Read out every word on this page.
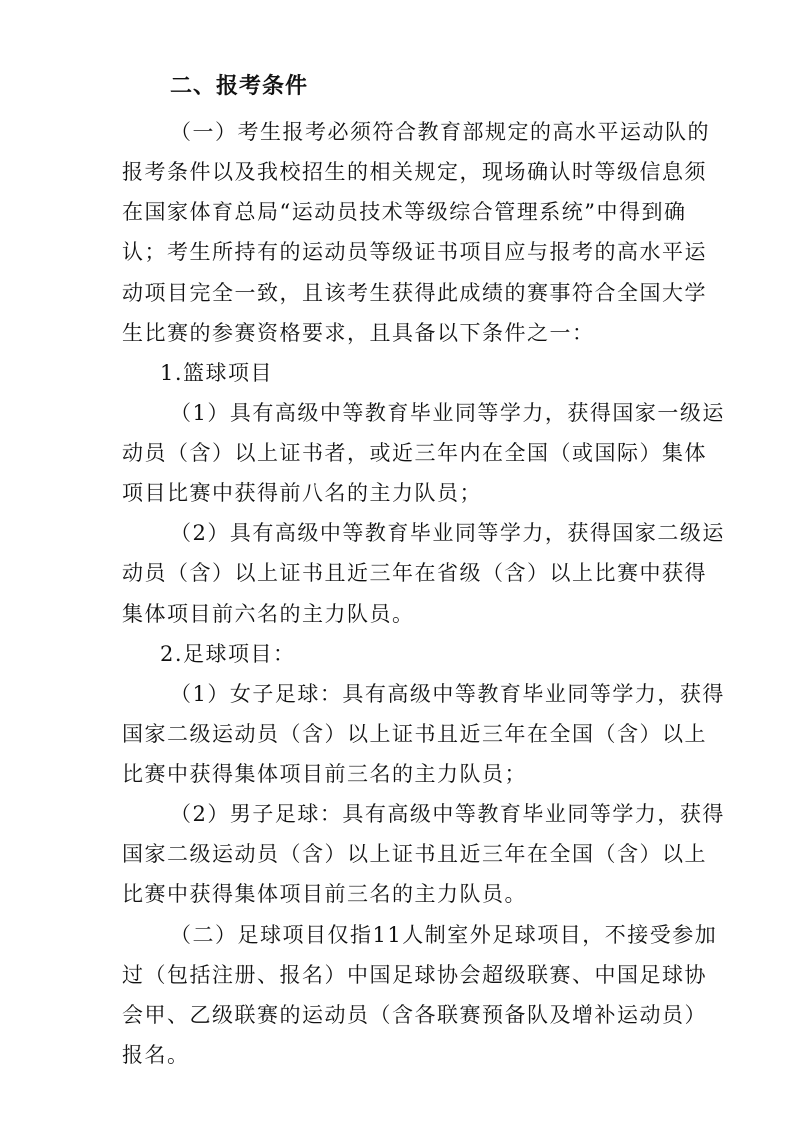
二、报考条件
（一）考生报考必须符合教育部规定的高水平运动队的
报考条件以及我校招生的相关规定，现场确认时等级信息须
在国家体育总局“运动员技术等级综合管理系统”中得到确
认；考生所持有的运动员等级证书项目应与报考的高水平运
动项目完全一致，且该考生获得此成绩的赛事符合全国大学
生比赛的参赛资格要求，且具备以下条件之一：
1.篮球项目
（1）具有高级中等教育毕业同等学力，获得国家一级运
动员（含）以上证书者，或近三年内在全国（或国际）集体
项目比赛中获得前八名的主力队员；
（2）具有高级中等教育毕业同等学力，获得国家二级运
动员（含）以上证书且近三年在省级（含）以上比赛中获得
集体项目前六名的主力队员。
2.足球项目：
（1）女子足球：具有高级中等教育毕业同等学力，获得
国家二级运动员（含）以上证书且近三年在全国（含）以上
比赛中获得集体项目前三名的主力队员；
（2）男子足球：具有高级中等教育毕业同等学力，获得
国家二级运动员（含）以上证书且近三年在全国（含）以上
比赛中获得集体项目前三名的主力队员。
（二）足球项目仅指11人制室外足球项目，不接受参加
过（包括注册、报名）中国足球协会超级联赛、中国足球协
会甲、乙级联赛的运动员（含各联赛预备队及增补运动员）
报名。
